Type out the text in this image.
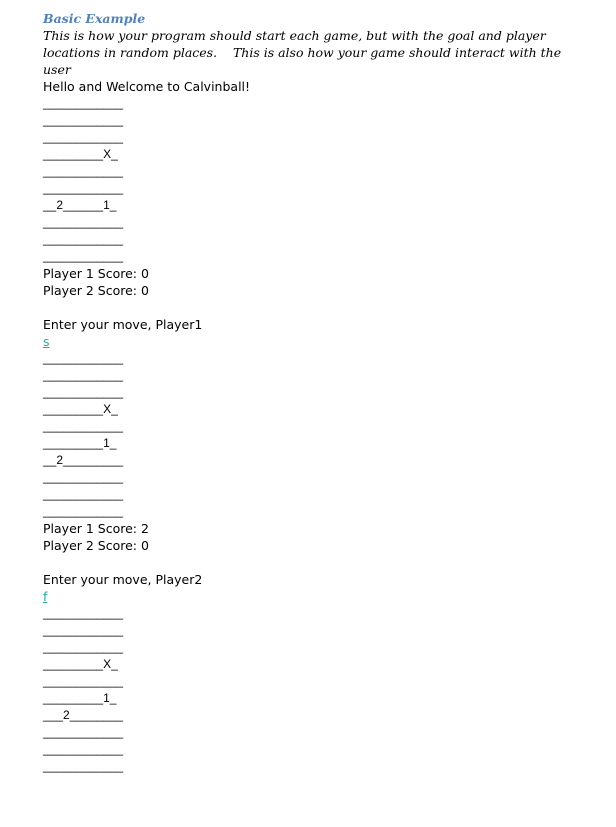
Basic Example

This is how your program should start each game, but with the goal and player locations in random places.    This is also how your game should interact with the user

Hello and Welcome to Calvinball!

____________

____________

____________

_________X_

____________

____________

__2______1_

____________

____________

____________

Player 1 Score: 0

Player 2 Score: 0

Enter your move, Player1

s

____________

____________

____________

_________X_

____________

_________1_

__2_________

____________

____________

____________

Player 1 Score: 2

Player 2 Score: 0

Enter your move, Player2

f

____________

____________

____________

_________X_

____________

_________1_

___2________

____________

____________

____________
